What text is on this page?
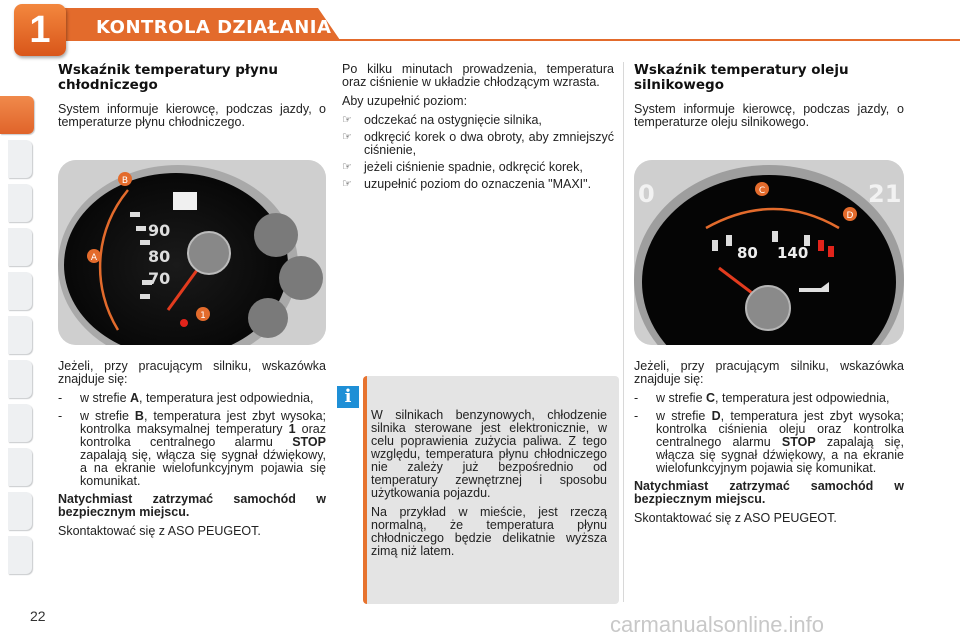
1	KONTROLA DZIAŁANIA
Wskaźnik temperatury płynu chłodniczego

System informuje kierowcę, podczas jazdy, o temperaturze płynu chłodniczego.

B
A
1
90
80
70

Jeżeli, przy pracującym silniku, wskazówka znajduje się:

-	w strefie A, temperatura jest odpowiednia,
-	w strefie B, temperatura jest zbyt wysoka; kontrolka maksymalnej temperatury 1 oraz kontrolka centralnego alarmu STOP zapalają się, włącza się sygnał dźwiękowy, a na ekranie wielofunkcyjnym pojawia się komunikat.

Natychmiast zatrzymać samochód w bezpiecznym miejscu.

Skontaktować się z ASO PEUGEOT.

Po kilku minutach prowadzenia, temperatura oraz ciśnienie w układzie chłodzącym wzrasta.

Aby uzupełnić poziom:

☞ odczekać na ostygnięcie silnika,
☞ odkręcić korek o dwa obroty, aby zmniejszyć ciśnienie,
☞ jeżeli ciśnienie spadnie, odkręcić korek,
☞ uzupełnić poziom do oznaczenia "MAXI".
i

W silnikach benzynowych, chłodzenie silnika sterowane jest elektronicznie, w celu poprawienia zużycia paliwa. Z tego względu, temperatura płynu chłodniczego nie zależy już bezpośrednio od temperatury zewnętrznej i sposobu użytkowania pojazdu.

Na przykład w mieście, jest rzeczą normalną, że temperatura płynu chłodniczego będzie delikatnie wyższa zimą niż latem.

Wskaźnik temperatury oleju silnikowego

System informuje kierowcę, podczas jazdy, o temperaturze oleju silnikowego.

0	21
C
D
80 140

Jeżeli, przy pracującym silniku, wskazówka znajduje się:

-	w strefie C, temperatura jest odpowiednia,
-	w strefie D, temperatura jest zbyt wysoka; kontrolka ciśnienia oleju oraz kontrolka centralnego alarmu STOP zapalają się, włącza się sygnał dźwiękowy, a na ekranie wielofunkcyjnym pojawia się komunikat.

Natychmiast zatrzymać samochód w bezpiecznym miejscu.

Skontaktować się z ASO PEUGEOT.

22	carmanualsonline.info
